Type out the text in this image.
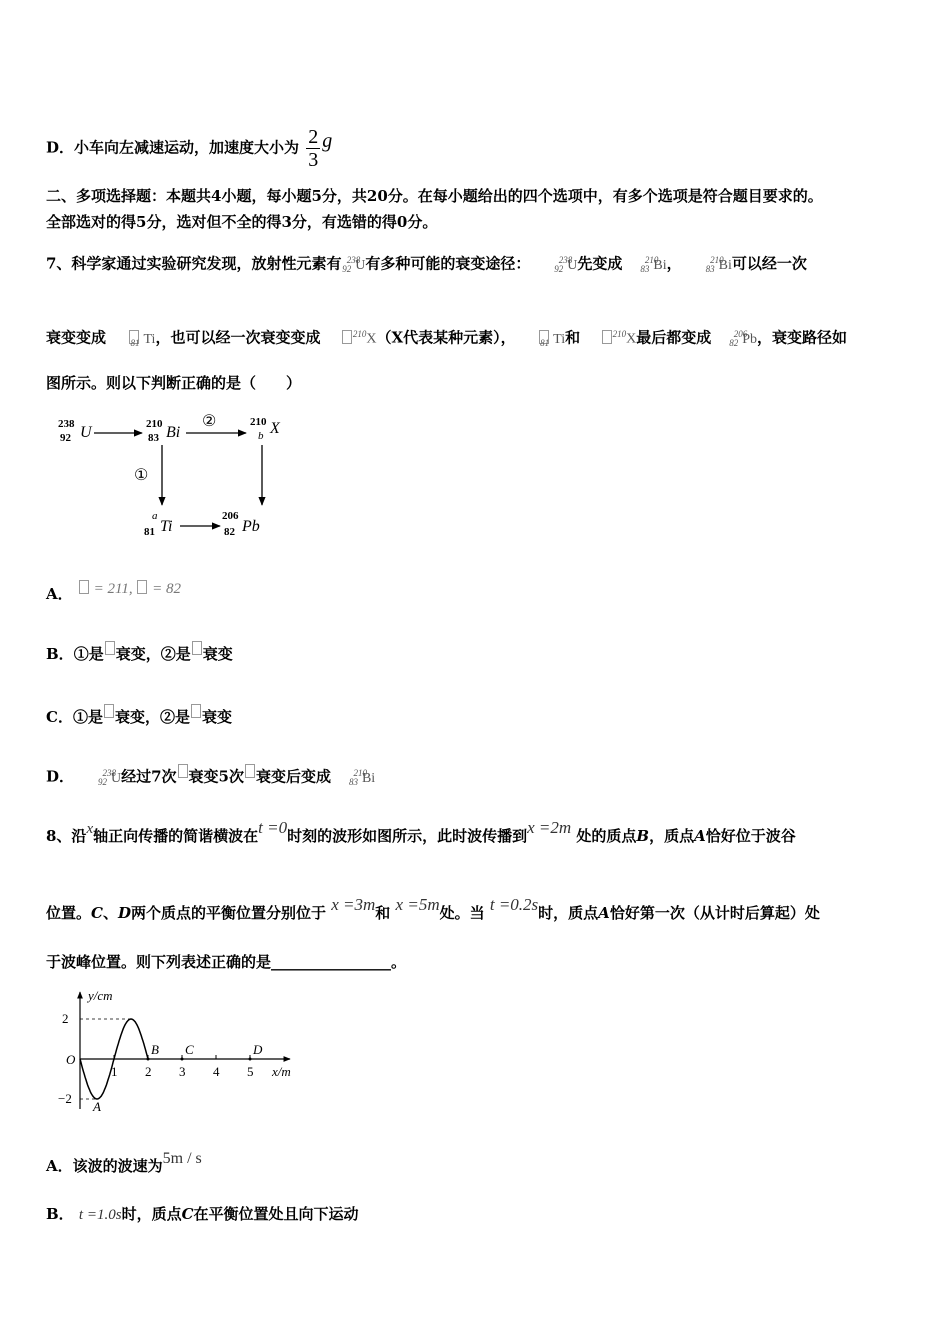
D．小车向左减速运动，加速度大小为 $\frac{2}{3}$ g
二、多项选择题：本题共4小题，每小题5分，共20分。在每小题给出的四个选项中，有多个选项是符合题目要求的。
全部选对的得5分，选对但不全的得3分，有选错的得0分。
7、科学家通过实验研究发现，放射性元素有 $^{238}_{92}$ U有多种可能的衰变途径：	$^{238}_{92}$ U先变成 $^{210}_{83}$ Bi，	$^{210}_{83}$ Bi可以经一次
衰变变成	$_{81}$ Ti，也可以经一次衰变变成	$^{210}$X（X代表某种元素），	$_{81}$ Ti和	$^{210}$X最后都变成 $^{206}_{82}$ Pb，衰变路径如
图所示。则以下判断正确的是（　　）
238
92 U	210
83 Bi
②	210
b X
①
a
81 Ti
206
82 Pb
A． = 211, = 82
B．①是 衰变，②是 衰变
C．①是 衰变，②是 衰变
D．	$^{238}_{92}$ U经过7次 衰变5次 衰变后变成 $^{210}_{83}$ Bi
8、沿x轴正向传播的简谐横波在t =0时刻的波形如图所示，此时波传播到x =2m 处的质点B，质点A恰好位于波谷
位置。C、D两个质点的平衡位置分别位于 x =3m和 x =5m处。当 t =0.2s时，质点A恰好第一次（从计时后算起）处
于波峰位置。则下列表述正确的是________________。
y/cm
x/m
O
2
−2
1 2 3 4 5
A
B C	D
A．该波的波速为5m / s
B． t =1.0s时，质点C在平衡位置处且向下运动
